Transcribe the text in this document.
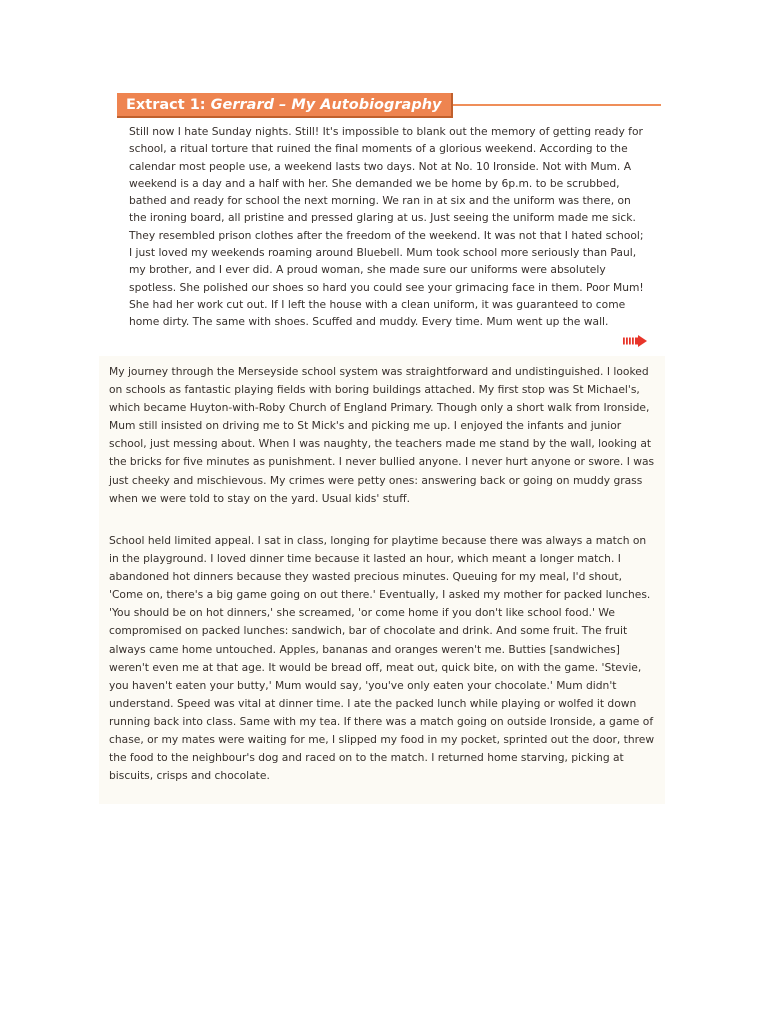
Extract 1: Gerrard – My Autobiography

Still now I hate Sunday nights. Still! It's impossible to blank out the memory of getting ready for school, a ritual torture that ruined the final moments of a glorious weekend. According to the calendar most people use, a weekend lasts two days. Not at No. 10 Ironside. Not with Mum. A weekend is a day and a half with her. She demanded we be home by 6p.m. to be scrubbed, bathed and ready for school the next morning. We ran in at six and the uniform was there, on the ironing board, all pristine and pressed glaring at us. Just seeing the uniform made me sick. They resembled prison clothes after the freedom of the weekend. It was not that I hated school; I just loved my weekends roaming around Bluebell. Mum took school more seriously than Paul, my brother, and I ever did. A proud woman, she made sure our uniforms were absolutely spotless. She polished our shoes so hard you could see your grimacing face in them. Poor Mum! She had her work cut out. If I left the house with a clean uniform, it was guaranteed to come home dirty. The same with shoes. Scuffed and muddy. Every time. Mum went up the wall.

My journey through the Merseyside school system was straightforward and undistinguished. I looked on schools as fantastic playing fields with boring buildings attached. My first stop was St Michael's, which became Huyton-with-Roby Church of England Primary. Though only a short walk from Ironside, Mum still insisted on driving me to St Mick's and picking me up. I enjoyed the infants and junior school, just messing about. When I was naughty, the teachers made me stand by the wall, looking at the bricks for five minutes as punishment. I never bullied anyone. I never hurt anyone or swore. I was just cheeky and mischievous. My crimes were petty ones: answering back or going on muddy grass when we were told to stay on the yard. Usual kids' stuff.

School held limited appeal. I sat in class, longing for playtime because there was always a match on in the playground. I loved dinner time because it lasted an hour, which meant a longer match. I abandoned hot dinners because they wasted precious minutes. Queuing for my meal, I'd shout, 'Come on, there's a big game going on out there.' Eventually, I asked my mother for packed lunches. 'You should be on hot dinners,' she screamed, 'or come home if you don't like school food.' We compromised on packed lunches: sandwich, bar of chocolate and drink. And some fruit. The fruit always came home untouched. Apples, bananas and oranges weren't me. Butties [sandwiches] weren't even me at that age. It would be bread off, meat out, quick bite, on with the game. 'Stevie, you haven't eaten your butty,' Mum would say, 'you've only eaten your chocolate.' Mum didn't understand. Speed was vital at dinner time. I ate the packed lunch while playing or wolfed it down running back into class. Same with my tea. If there was a match going on outside Ironside, a game of chase, or my mates were waiting for me, I slipped my food in my pocket, sprinted out the door, threw the food to the neighbour's dog and raced on to the match. I returned home starving, picking at biscuits, crisps and chocolate.
